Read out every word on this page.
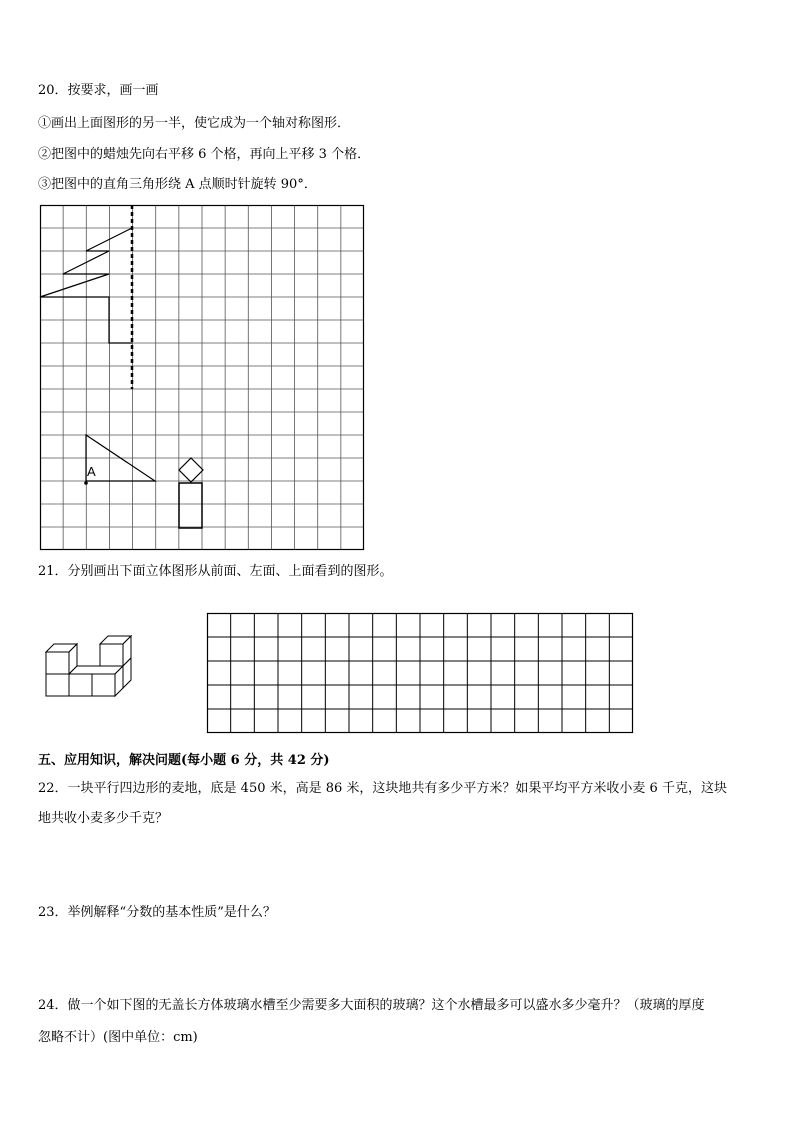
20．按要求，画一画
①画出上面图形的另一半，使它成为一个轴对称图形．
②把图中的蜡烛先向右平移 6 个格，再向上平移 3 个格．
③把图中的直角三角形绕 A 点顺时针旋转 90°．
A
21．分别画出下面立体图形从前面、左面、上面看到的图形。
五、应用知识，解决问题(每小题 6 分，共 42 分)
22．一块平行四边形的麦地，底是 450 米，高是 86 米，这块地共有多少平方米？如果平均平方米收小麦 6 千克，这块
地共收小麦多少千克？
23．举例解释“分数的基本性质”是什么？
24．做一个如下图的无盖长方体玻璃水槽至少需要多大面积的玻璃？这个水槽最多可以盛水多少毫升？（玻璃的厚度
忽略不计）(图中单位：cm)
